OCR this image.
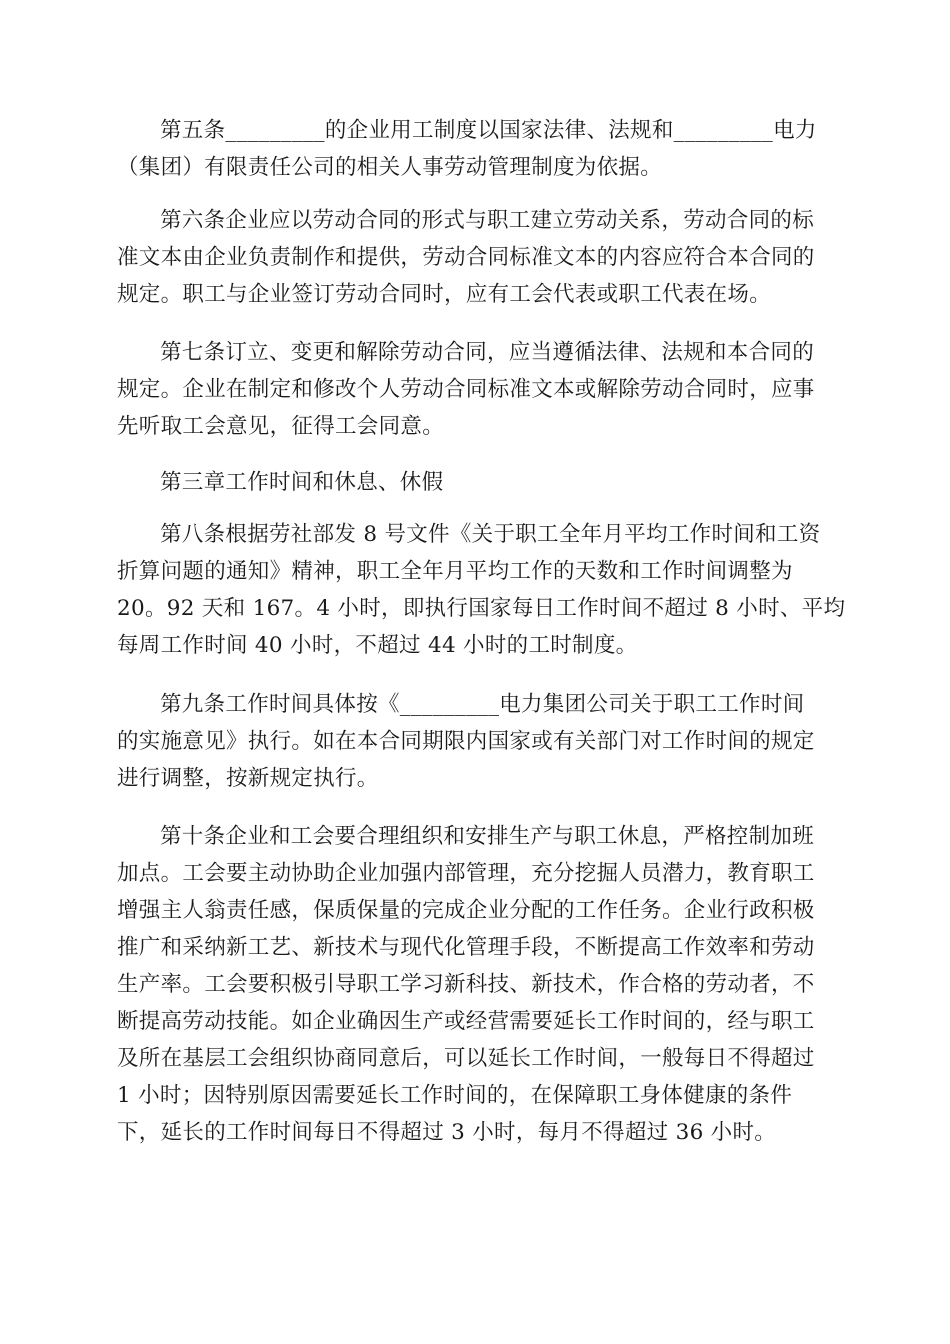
第五条_________的企业用工制度以国家法律、法规和_________电力
（集团）有限责任公司的相关人事劳动管理制度为依据。

第六条企业应以劳动合同的形式与职工建立劳动关系，劳动合同的标
准文本由企业负责制作和提供，劳动合同标准文本的内容应符合本合同的
规定。职工与企业签订劳动合同时，应有工会代表或职工代表在场。

第七条订立、变更和解除劳动合同，应当遵循法律、法规和本合同的
规定。企业在制定和修改个人劳动合同标准文本或解除劳动合同时，应事
先听取工会意见，征得工会同意。

第三章工作时间和休息、休假

第八条根据劳社部发 8 号文件《关于职工全年月平均工作时间和工资
折算问题的通知》精神，职工全年月平均工作的天数和工作时间调整为
20。92 天和 167。4 小时，即执行国家每日工作时间不超过 8 小时、平均
每周工作时间 40 小时，不超过 44 小时的工时制度。

第九条工作时间具体按《_________电力集团公司关于职工工作时间
的实施意见》执行。如在本合同期限内国家或有关部门对工作时间的规定
进行调整，按新规定执行。

第十条企业和工会要合理组织和安排生产与职工休息，严格控制加班
加点。工会要主动协助企业加强内部管理，充分挖掘人员潜力，教育职工
增强主人翁责任感，保质保量的完成企业分配的工作任务。企业行政积极
推广和采纳新工艺、新技术与现代化管理手段，不断提高工作效率和劳动
生产率。工会要积极引导职工学习新科技、新技术，作合格的劳动者，不
断提高劳动技能。如企业确因生产或经营需要延长工作时间的，经与职工
及所在基层工会组织协商同意后，可以延长工作时间，一般每日不得超过
1 小时；因特别原因需要延长工作时间的，在保障职工身体健康的条件
下，延长的工作时间每日不得超过 3 小时，每月不得超过 36 小时。
